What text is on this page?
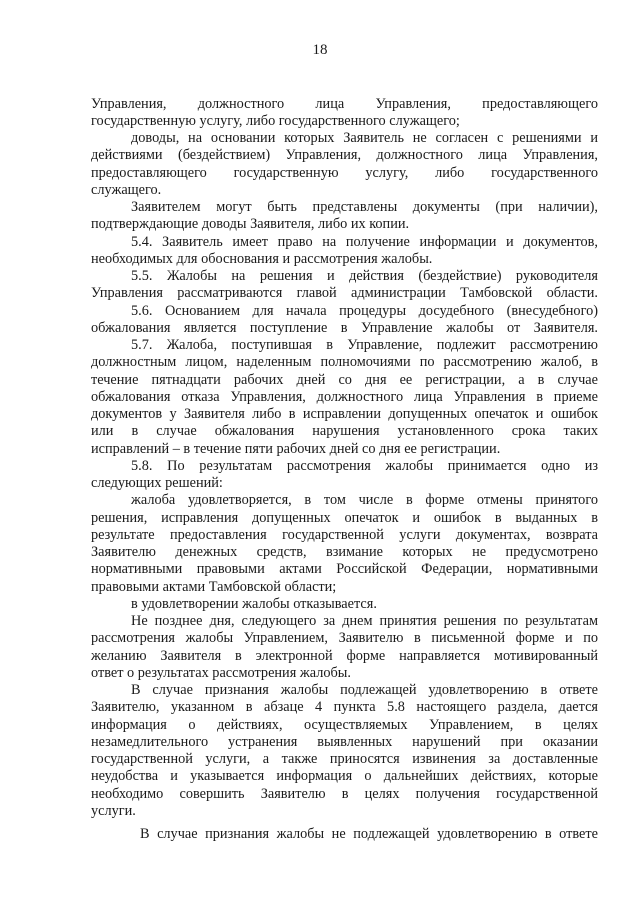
18
Управления, должностного лица Управления, предоставляющего
государственную услугу, либо государственного служащего;
доводы, на основании которых Заявитель не согласен с решениями и
действиями (бездействием) Управления, должностного лица Управления,
предоставляющего государственную услугу, либо государственного
служащего.
Заявителем могут быть представлены документы (при наличии),
подтверждающие доводы Заявителя, либо их копии.
5.4. Заявитель имеет право на получение информации и документов,
необходимых для обоснования и рассмотрения жалобы.
5.5. Жалобы на решения и действия (бездействие) руководителя
Управления рассматриваются главой администрации Тамбовской области.
5.6. Основанием для начала процедуры досудебного (внесудебного)
обжалования является поступление в Управление жалобы от Заявителя.
5.7. Жалоба, поступившая в Управление, подлежит рассмотрению
должностным лицом, наделенным полномочиями по рассмотрению жалоб, в
течение пятнадцати рабочих дней со дня ее регистрации, а в случае
обжалования отказа Управления, должностного лица Управления в приеме
документов у Заявителя либо в исправлении допущенных опечаток и ошибок
или в случае обжалования нарушения установленного срока таких
исправлений – в течение пяти рабочих дней со дня ее регистрации.
5.8. По результатам рассмотрения жалобы принимается одно из
следующих решений:
жалоба удовлетворяется, в том числе в форме отмены принятого
решения, исправления допущенных опечаток и ошибок в выданных в
результате предоставления государственной услуги документах, возврата
Заявителю денежных средств, взимание которых не предусмотрено
нормативными правовыми актами Российской Федерации, нормативными
правовыми актами Тамбовской области;
в удовлетворении жалобы отказывается.
Не позднее дня, следующего за днем принятия решения по результатам
рассмотрения жалобы Управлением, Заявителю в письменной форме и по
желанию Заявителя в электронной форме направляется мотивированный
ответ о результатах рассмотрения жалобы.
В случае признания жалобы подлежащей удовлетворению в ответе
Заявителю, указанном в абзаце 4 пункта 5.8 настоящего раздела, дается
информация о действиях, осуществляемых Управлением, в целях
незамедлительного устранения выявленных нарушений при оказании
государственной услуги, а также приносятся извинения за доставленные
неудобства и указывается информация о дальнейших действиях, которые
необходимо совершить Заявителю в целях получения государственной
услуги.
В случае признания жалобы не подлежащей удовлетворению в ответе
